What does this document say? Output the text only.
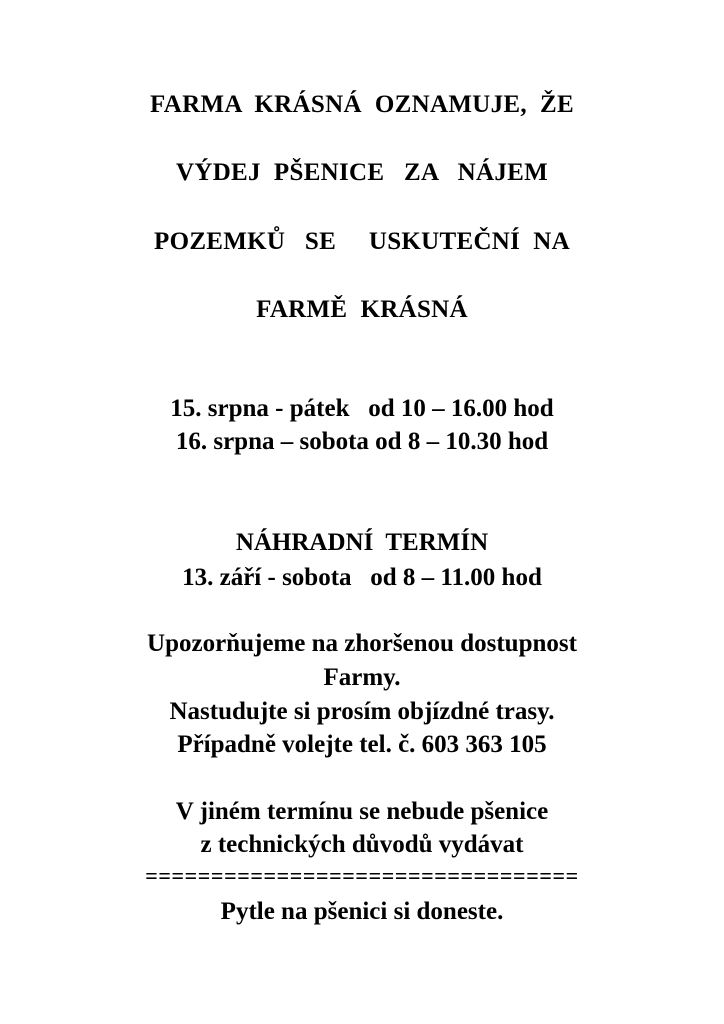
FARMA  KRÁSNÁ  OZNAMUJE,  ŽE
VÝDEJ  PŠENICE   ZA   NÁJEM
POZEMKŮ   SE     USKUTEČNÍ  NA
FARMĚ  KRÁSNÁ
15. srpna - pátek   od 10 – 16.00 hod
16. srpna – sobota od 8 – 10.30 hod
NÁHRADNÍ  TERMÍN
13. září - sobota   od 8 – 11.00 hod
Upozorňujeme na zhoršenou dostupnost
Farmy.
Nastudujte si prosím objízdné trasy.
Případně volejte tel. č. 603 363 105
V jiném termínu se nebude pšenice
z technických důvodů vydávat
=================================
Pytle na pšenici si doneste.
